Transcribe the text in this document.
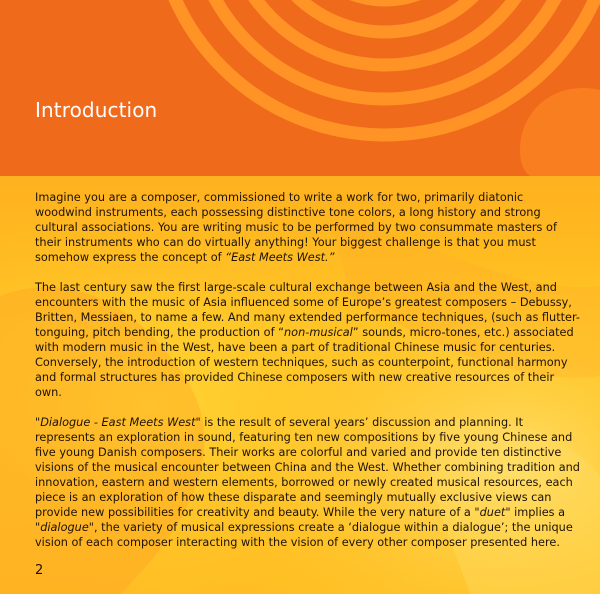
Introduction

Imagine you are a composer, commissioned to write a work for two, primarily diatonic woodwind instruments, each possessing distinctive tone colors, a long history and strong cultural associations. You are writing music to be performed by two consummate masters of their instruments who can do virtually anything! Your biggest challenge is that you must somehow express the concept of “East Meets West.”

The last century saw the first large-scale cultural exchange between Asia and the West, and encounters with the music of Asia influenced some of Europe’s greatest composers – Debussy, Britten, Messiaen, to name a few. And many extended performance techniques, (such as flutter-tonguing, pitch bending, the production of “non-musical” sounds, micro-tones, etc.) associated with modern music in the West, have been a part of traditional Chinese music for centuries. Conversely, the introduction of western techniques, such as counterpoint, functional harmony and formal structures has provided Chinese composers with new creative resources of their own.

"Dialogue - East Meets West" is the result of several years’ discussion and planning. It represents an exploration in sound, featuring ten new compositions by five young Chinese and five young Danish composers. Their works are colorful and varied and provide ten distinctive visions of the musical encounter between China and the West. Whether combining tradition and innovation, eastern and western elements, borrowed or newly created musical resources, each piece is an exploration of how these disparate and seemingly mutually exclusive views can provide new possibilities for creativity and beauty. While the very nature of a "duet" implies a "dialogue", the variety of musical expressions create a ‘dialogue within a dialogue’; the unique vision of each composer interacting with the vision of every other composer presented here.

2
